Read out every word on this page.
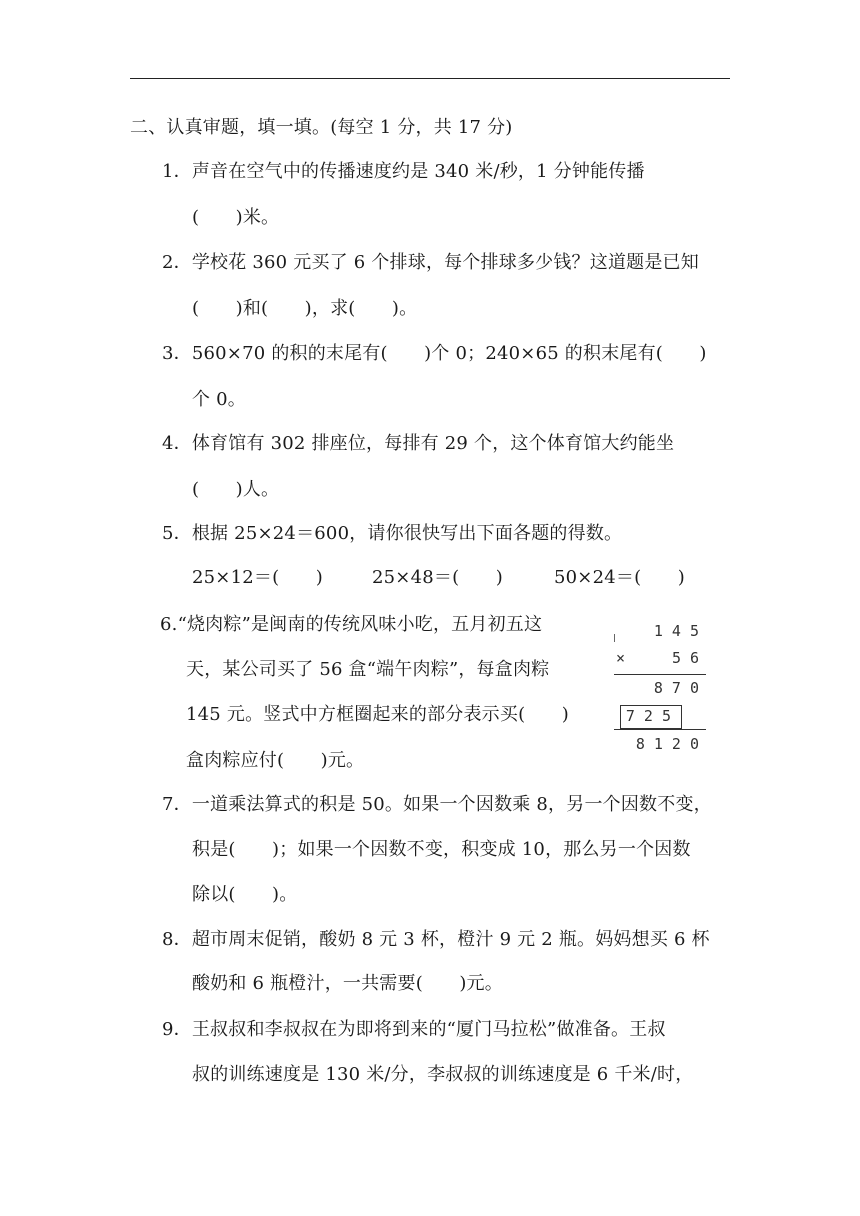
二、认真审题，填一填。(每空 1 分，共 17 分)
1．声音在空气中的传播速度约是 340 米/秒，1 分钟能传播
(　　)米。
2．学校花 360 元买了 6 个排球，每个排球多少钱？这道题是已知
(　　)和(　　)，求(　　)。
3．560×70 的积的末尾有(　　)个 0；240×65 的积末尾有(　　)
个 0。
4．体育馆有 302 排座位，每排有 29 个，这个体育馆大约能坐
(　　)人。
5．根据 25×24＝600，请你很快写出下面各题的得数。
25×12＝(　　)	25×48＝(　　)	50×24＝(　　)
6.“烧肉粽”是闽南的传统风味小吃，五月初五这
天，某公司买了 56 盒“端午肉粽”，每盒肉粽
145 元。竖式中方框圈起来的部分表示买(　　)
盒肉粽应付(　　)元。
145
×	56
870
725
8120
7．一道乘法算式的积是 50。如果一个因数乘 8，另一个因数不变，
积是(　　)；如果一个因数不变，积变成 10，那么另一个因数
除以(　　)。
8．超市周末促销，酸奶 8 元 3 杯，橙汁 9 元 2 瓶。妈妈想买 6 杯
酸奶和 6 瓶橙汁，一共需要(　　)元。
9．王叔叔和李叔叔在为即将到来的“厦门马拉松”做准备。王叔
叔的训练速度是 130 米/分，李叔叔的训练速度是 6 千米/时，
